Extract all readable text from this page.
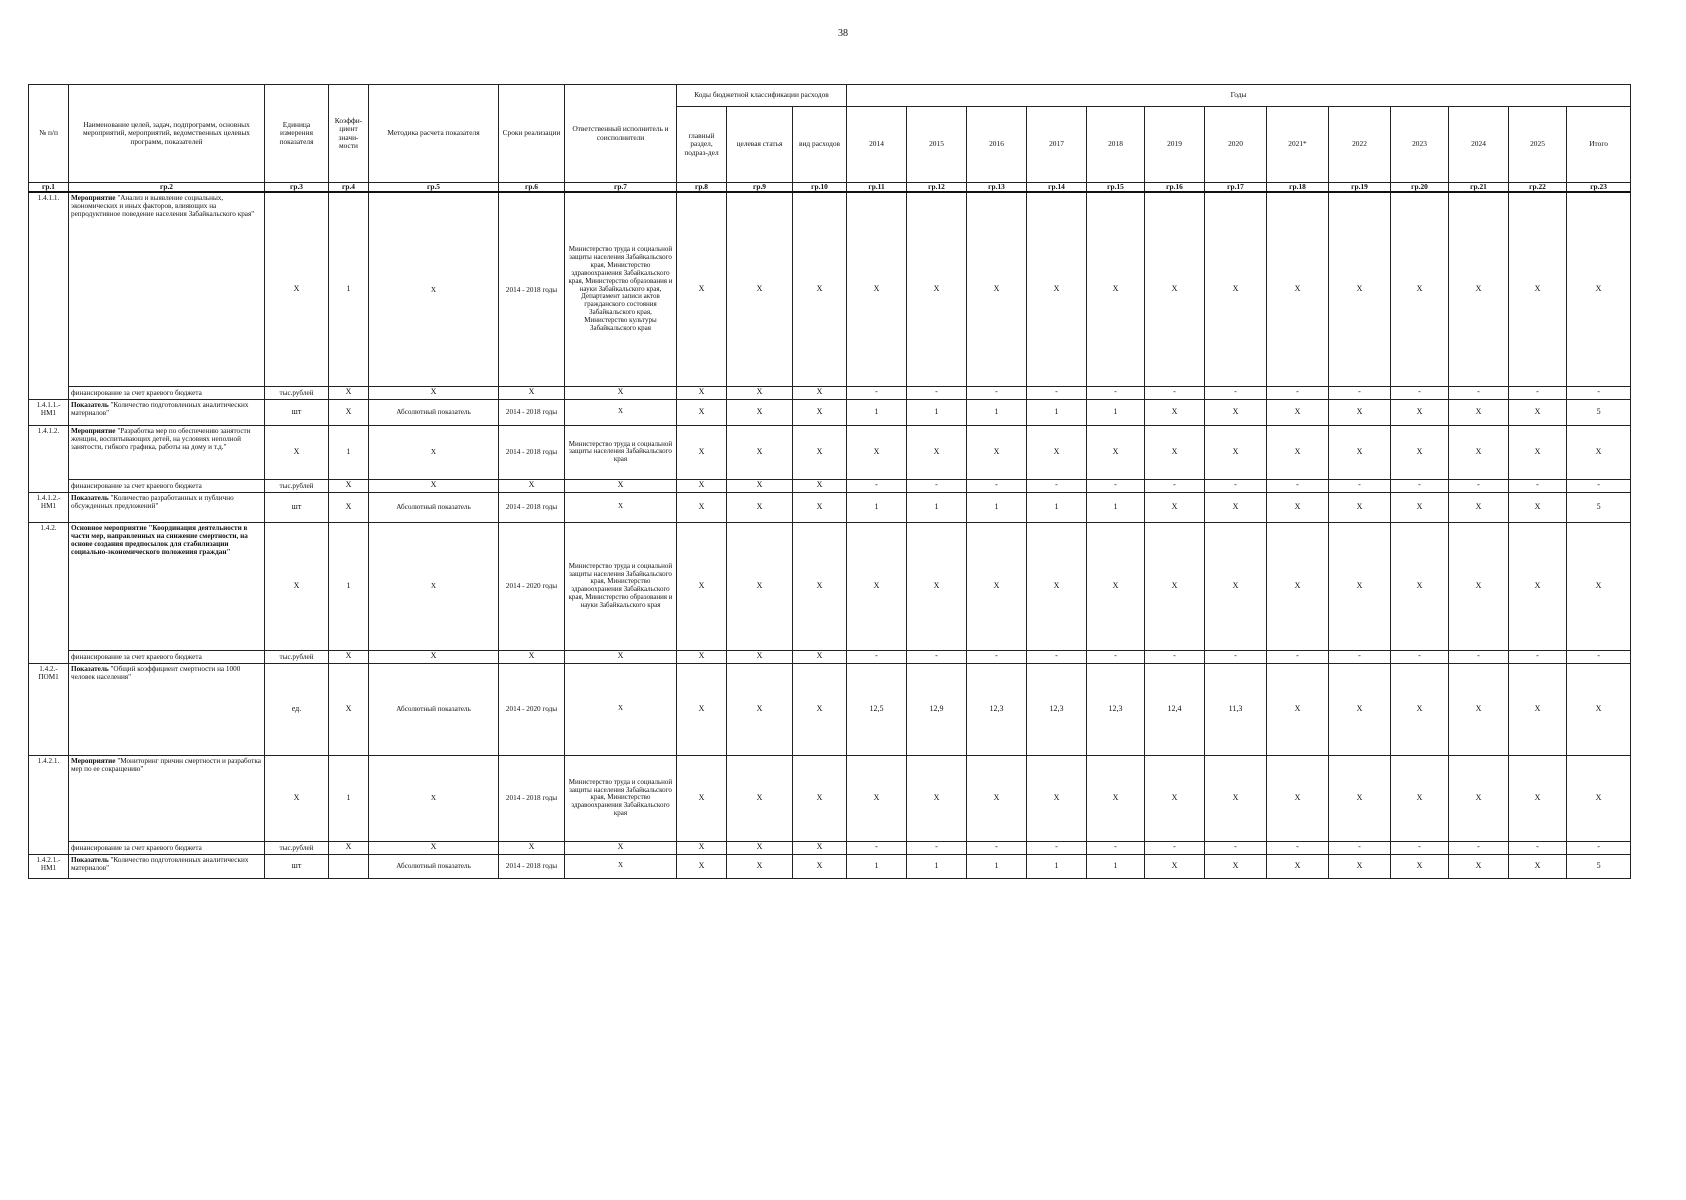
38
№ п/п	Наименование целей, задач, подпрограмм, основных мероприятий, мероприятий, ведомственных целевых программ, показателей	Единица измерения показателя	Коэффи-циент значи-мости	Методика расчета показателя	Сроки реализации	Ответственный исполнитель и соисполнители	Коды бюджетной классификации расходов			Годы												
							главный раздел, подраз-дел	целевая статья	вид расходов	2014	2015	2016	2017	2018	2019	2020	2021*	2022	2023	2024	2025	Итого
гр.1	гр.2	гр.3	гр.4	гр.5	гр.6	гр.7	гр.8	гр.9	гр.10	гр.11	гр.12	гр.13	гр.14	гр.15	гр.16	гр.17	гр.18	гр.19	гр.20	гр.21	гр.22	гр.23
1.4.1.1.	Мероприятие "Анализ и выявление социальных, экономических и иных факторов, влияющих на репродуктивное поведение населения Забайкальского края"	X	1	X	2014 - 2018 годы	Министерство труда и социальной защиты населения Забайкальского края, Министерство здравоохранения Забайкальского края, Министерство образования и науки Забайкальского края, Департамент записи актов гражданского состояния Забайкальского края, Министерство культуры Забайкальского края	X	X	X	X	X	X	X	X	X	X	X	X	X	X	X	X
	финансирование за счет краевого бюджета	тыс.рублей	X	X	X	X	X	X	X	-	-	-	-	-	-	-	-	-	-	-	-	-
1.4.1.1.-НМ1	Показатель "Количество подготовленных аналитических материалов"	шт	X	Абсолютный показатель	2014 - 2018 годы	X	X	X	X	1	1	1	1	1	X	X	X	X	X	X	X	5
1.4.1.2.	Мероприятие "Разработка мер по обеспечению занятости женщин, воспитывающих детей, на условиях неполной занятости, гибкого графика, работы на дому и т.д."	X	1	X	2014 - 2018 годы	Министерство труда и социальной защиты населения Забайкальского края	X	X	X	X	X	X	X	X	X	X	X	X	X	X	X	X
	финансирование за счет краевого бюджета	тыс.рублей	X	X	X	X	X	X	X	-	-	-	-	-	-	-	-	-	-	-	-	-
1.4.1.2.-НМ1	Показатель "Количество разработанных и публично обсужденных предложений"	шт	X	Абсолютный показатель	2014 - 2018 годы	X	X	X	X	1	1	1	1	1	X	X	X	X	X	X	X	5
1.4.2.	Основное мероприятие "Координация деятельности в части мер, направленных на снижение смертности, на основе создания предпосылок для стабилизации социально-экономического положения граждан"	X	1	X	2014 - 2020 годы	Министерство труда и социальной защиты населения Забайкальского края, Министерство здравоохранения Забайкальского края, Министерство образования и науки Забайкальского края	X	X	X	X	X	X	X	X	X	X	X	X	X	X	X	X
	финансирование за счет краевого бюджета	тыс.рублей	X	X	X	X	X	X	X	-	-	-	-	-	-	-	-	-	-	-	-	-
1.4.2.-ПОМ1	Показатель "Общий коэффициент смертности на 1000 человек населения"	ед.	X	Абсолютный показатель	2014 - 2020 годы	X	X	X	X	12,5	12,9	12,3	12,3	12,3	12,4	11,3	X	X	X	X	X	X
1.4.2.1.	Мероприятие "Мониторинг причин смертности и разработка мер по ее сокращению"	X	1	X	2014 - 2018 годы	Министерство труда и социальной защиты населения Забайкальского края, Министерство здравоохранения Забайкальского края	X	X	X	X	X	X	X	X	X	X	X	X	X	X	X	X
	финансирование за счет краевого бюджета	тыс.рублей	X	X	X	X	X	X	X	-	-	-	-	-	-	-	-	-	-	-	-	-
1.4.2.1.-НМ1	Показатель "Количество подготовленных аналитических материалов"	шт		Абсолютный показатель	2014 - 2018 годы	X	X	X	X	1	1	1	1	1	X	X	X	X	X	X	X	5
